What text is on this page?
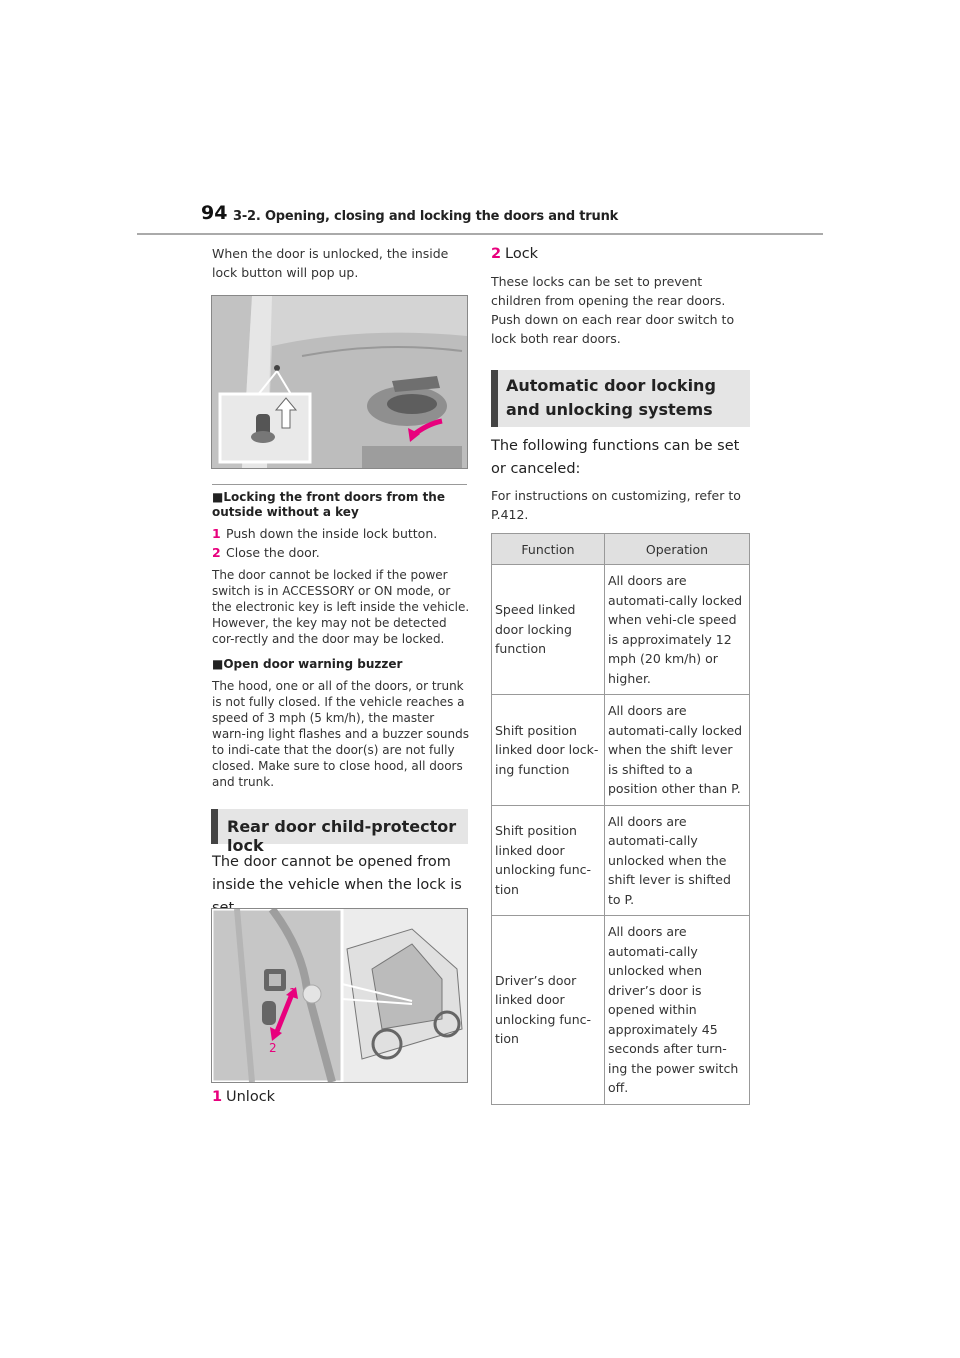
94 3-2. Opening, closing and locking the doors and trunk
When the door is unlocked, the inside lock button will pop up.
■Locking the front doors from the outside without a key
1 Push down the inside lock button.
2 Close the door.
The door cannot be locked if the power switch is in ACCESSORY or ON mode, or the electronic key is left inside the vehicle. However, the key may not be detected cor-rectly and the door may be locked.
■Open door warning buzzer
The hood, one or all of the doors, or trunk is not fully closed. If the vehicle reaches a speed of 3 mph (5 km/h), the master warn-ing light flashes and a buzzer sounds to indi-cate that the door(s) are not fully closed. Make sure to close hood, all doors and trunk.
Rear door child-protector lock
The door cannot be opened from inside the vehicle when the lock is
1
2
1 Unlock
2 Lock
These locks can be set to prevent children from opening the rear doors. Push down on each rear door switch to lock both rear doors.
Automatic door locking and unlocking systems
The following functions can be set or canceled:
For instructions on customizing, refer to P.412.
Function	Operation
Speed linked door locking function	All doors are automati-cally locked when vehi-cle speed is approximately 12 mph (20 km/h) or higher.
Shift position linked door lock-ing function	All doors are automati-cally locked when the shift lever is shifted to a position other than P.
Shift position linked door unlocking func-tion	All doors are automati-cally unlocked when the shift lever is shifted to P.
Driver’s door linked door unlocking func-tion	All doors are automati-cally unlocked when driver’s door is opened within approximately 45 seconds after turn-ing the power switch off.
